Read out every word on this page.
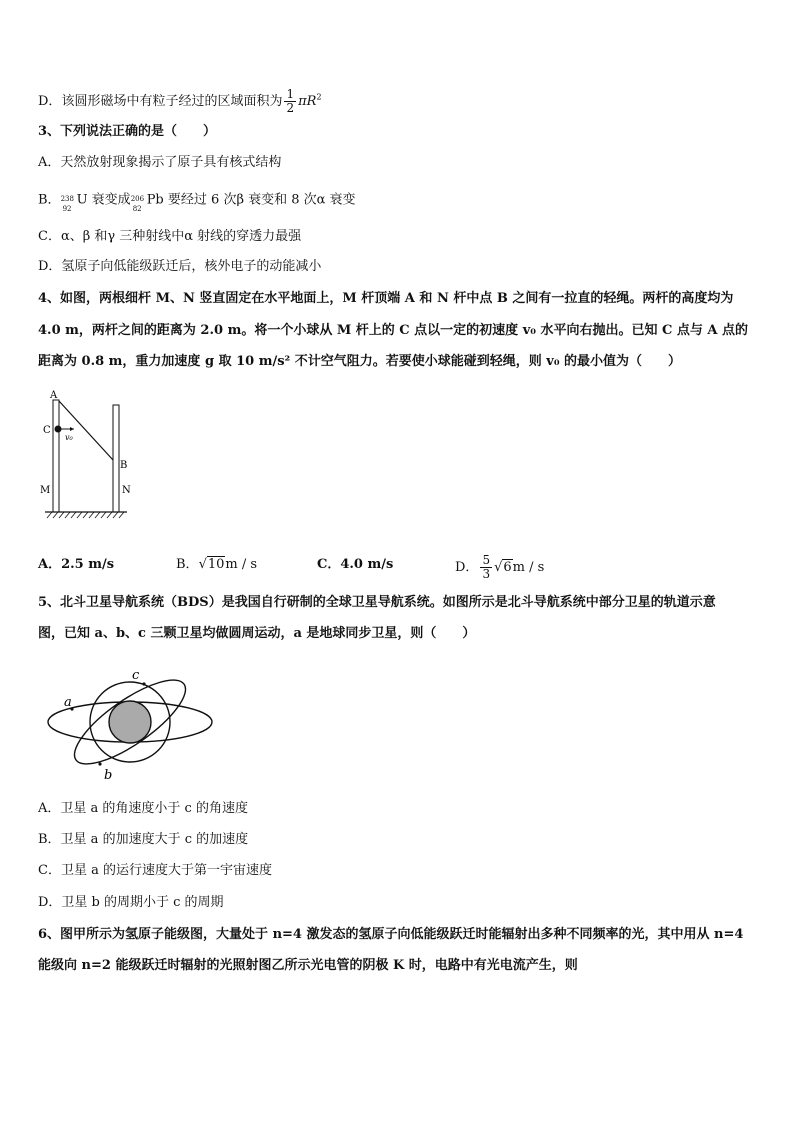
D．该圆形磁场中有粒子经过的区域面积为 $\frac{1}{2} \pi R^2$
3、下列说法正确的是（　　）
A．天然放射现象揭示了原子具有核式结构
B． 238
92
U 衰变成 206
82
Pb 要经过 6 次β 衰变和 8 次α 衰变
C．α、β 和γ 三种射线中α 射线的穿透力最强
D．氢原子向低能级跃迁后，核外电子的动能减小
4、如图，两根细杆 M、N 竖直固定在水平地面上，M 杆顶端 A 和 N 杆中点 B 之间有一拉直的轻绳。两杆的高度均为
4.0 m，两杆之间的距离为 2.0 m。将一个小球从 M 杆上的 C 点以一定的初速度 v₀ 水平向右抛出。已知 C 点与 A 点的
距离为 0.8 m，重力加速度 g 取 10 m/s² 不计空气阻力。若要使小球能碰到轻绳，则 v₀ 的最小值为（　　）
A
C
v₀
B
M	N
A．2.5 m/s	B．√10m / s	C．4.0 m/s	D． $\frac{5}{3} √6m$ / s
5、北斗卫星导航系统（BDS）是我国自行研制的全球卫星导航系统。如图所示是北斗导航系统中部分卫星的轨道示意
图，已知 a、b、c 三颗卫星均做圆周运动，a 是地球同步卫星，则（　　）
a
b
c
A．卫星 a 的角速度小于 c 的角速度
B．卫星 a 的加速度大于 c 的加速度
C．卫星 a 的运行速度大于第一宇宙速度
D．卫星 b 的周期小于 c 的周期
6、图甲所示为氢原子能级图，大量处于 n=4 激发态的氢原子向低能级跃迁时能辐射出多种不同频率的光，其中用从 n=4
能级向 n=2 能级跃迁时辐射的光照射图乙所示光电管的阴极 K 时，电路中有光电流产生，则
